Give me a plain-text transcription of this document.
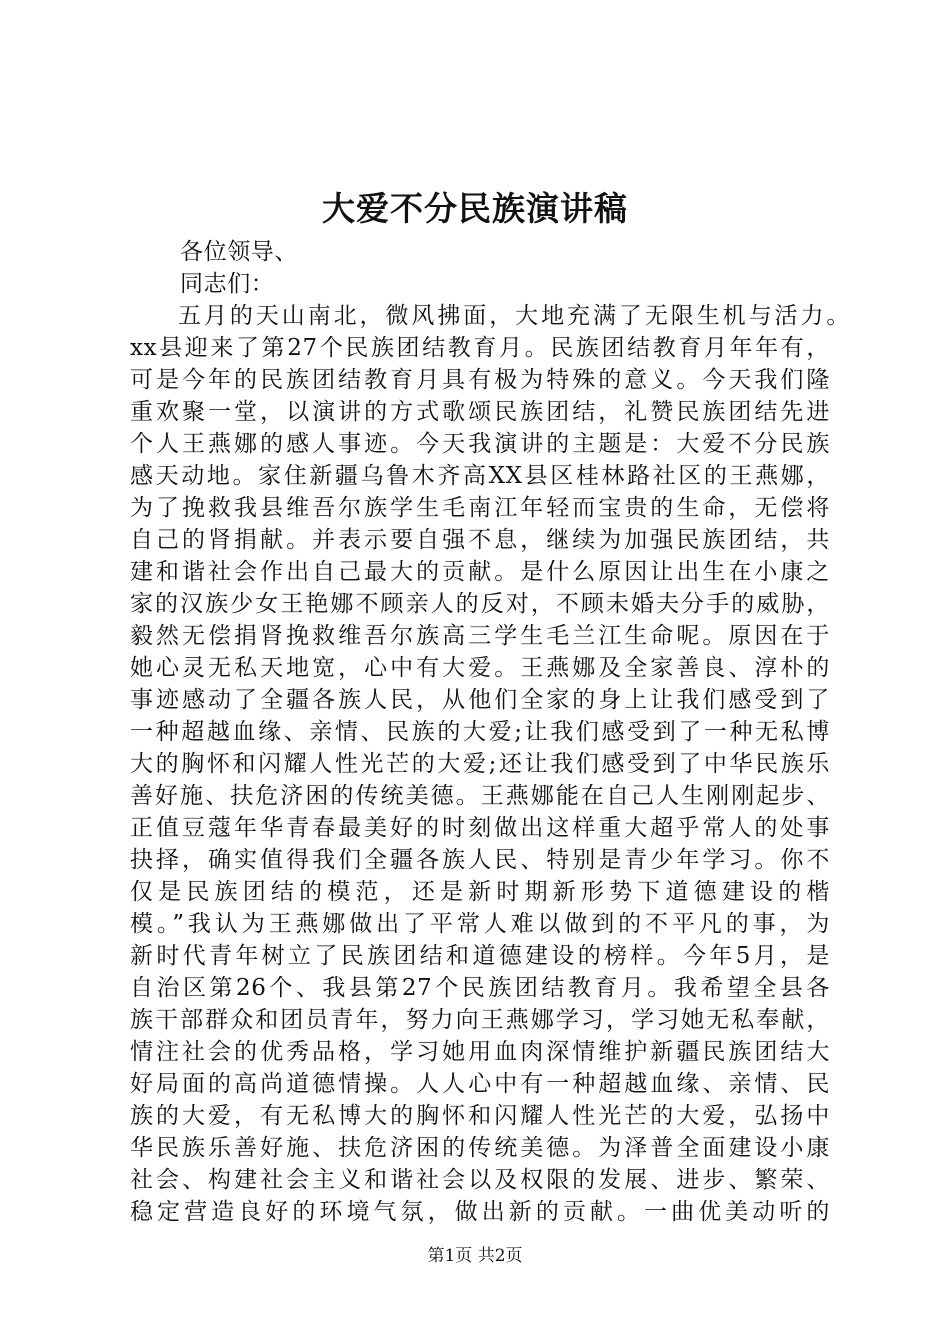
大爱不分民族演讲稿
各位领导、
同志们：
五月的天山南北，微风拂面，大地充满了无限生机与活力。
xx县迎来了第27个民族团结教育月。民族团结教育月年年有，
可是今年的民族团结教育月具有极为特殊的意义。今天我们隆
重欢聚一堂，以演讲的方式歌颂民族团结，礼赞民族团结先进
个人王燕娜的感人事迹。今天我演讲的主题是：大爱不分民族
感天动地。家住新疆乌鲁木齐高XX县区桂林路社区的王燕娜，
为了挽救我县维吾尔族学生毛南江年轻而宝贵的生命，无偿将
自己的肾捐献。并表示要自强不息，继续为加强民族团结，共
建和谐社会作出自己最大的贡献。是什么原因让出生在小康之
家的汉族少女王艳娜不顾亲人的反对，不顾未婚夫分手的威胁，
毅然无偿捐肾挽救维吾尔族高三学生毛兰江生命呢。原因在于
她心灵无私天地宽，心中有大爱。王燕娜及全家善良、淳朴的
事迹感动了全疆各族人民，从他们全家的身上让我们感受到了
一种超越血缘、亲情、民族的大爱;让我们感受到了一种无私博
大的胸怀和闪耀人性光芒的大爱;还让我们感受到了中华民族乐
善好施、扶危济困的传统美德。王燕娜能在自己人生刚刚起步、
正值豆蔻年华青春最美好的时刻做出这样重大超乎常人的处事
抉择，确实值得我们全疆各族人民、特别是青少年学习。你不
仅是民族团结的模范，还是新时期新形势下道德建设的楷
模。”我认为王燕娜做出了平常人难以做到的不平凡的事，为
新时代青年树立了民族团结和道德建设的榜样。今年5月，是
自治区第26个、我县第27个民族团结教育月。我希望全县各
族干部群众和团员青年，努力向王燕娜学习，学习她无私奉献，
情注社会的优秀品格，学习她用血肉深情维护新疆民族团结大
好局面的高尚道德情操。人人心中有一种超越血缘、亲情、民
族的大爱，有无私博大的胸怀和闪耀人性光芒的大爱，弘扬中
华民族乐善好施、扶危济困的传统美德。为泽普全面建设小康
社会、构建社会主义和谐社会以及权限的发展、进步、繁荣、
稳定营造良好的环境气氛，做出新的贡献。一曲优美动听的
第1页 共2页
